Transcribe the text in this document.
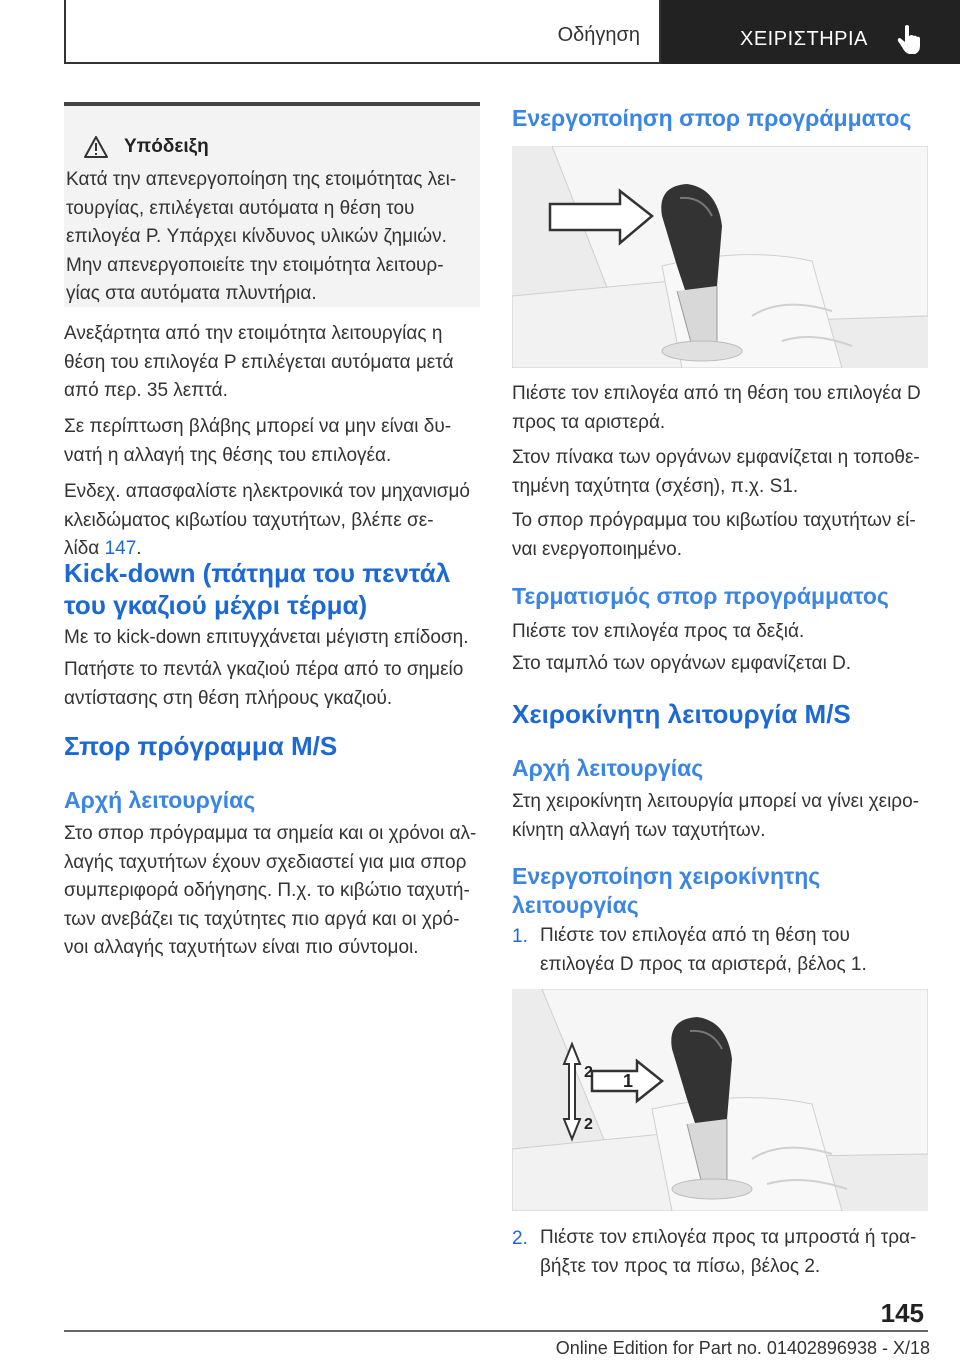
Οδήγηση	ΧΕΙΡΙΣΤΗΡΙΑ
Υπόδειξη
Κατά την απενεργοποίηση της ετοιμότητας λει-
τουργίας, επιλέγεται αυτόματα η θέση του
επιλογέα P. Υπάρχει κίνδυνος υλικών ζημιών.
Μην απενεργοποιείτε την ετοιμότητα λειτουρ-
γίας στα αυτόματα πλυντήρια.
Ανεξάρτητα από την ετοιμότητα λειτουργίας η
θέση του επιλογέα P επιλέγεται αυτόματα μετά
από περ. 35 λεπτά.
Σε περίπτωση βλάβης μπορεί να μην είναι δυ-
νατή η αλλαγή της θέσης του επιλογέα.
Ενδεχ. απασφαλίστε ηλεκτρονικά τον μηχανισμό
κλειδώματος κιβωτίου ταχυτήτων, βλέπε σε-
λίδα 147.
Kick-down (πάτημα του πεντάλ
του γκαζιού μέχρι τέρμα)
Με το kick-down επιτυγχάνεται μέγιστη επίδοση.
Πατήστε το πεντάλ γκαζιού πέρα από το σημείο
αντίστασης στη θέση πλήρους γκαζιού.
Σπορ πρόγραμμα M/S
Αρχή λειτουργίας
Στο σπορ πρόγραμμα τα σημεία και οι χρόνοι αλ-
λαγής ταχυτήτων έχουν σχεδιαστεί για μια σπορ
συμπεριφορά οδήγησης. Π.χ. το κιβώτιο ταχυτή-
των ανεβάζει τις ταχύτητες πιο αργά και οι χρό-
νοι αλλαγής ταχυτήτων είναι πιο σύντομοι.
Ενεργοποίηση σπορ προγράμματος
Πιέστε τον επιλογέα από τη θέση του επιλογέα D
προς τα αριστερά.
Στον πίνακα των οργάνων εμφανίζεται η τοποθε-
τημένη ταχύτητα (σχέση), π.χ. S1.
Το σπορ πρόγραμμα του κιβωτίου ταχυτήτων εί-
ναι ενεργοποιημένο.
Τερματισμός σπορ προγράμματος
Πιέστε τον επιλογέα προς τα δεξιά.
Στο ταμπλό των οργάνων εμφανίζεται D.
Χειροκίνητη λειτουργία M/S
Αρχή λειτουργίας
Στη χειροκίνητη λειτουργία μπορεί να γίνει χειρο-
κίνητη αλλαγή των ταχυτήτων.
Ενεργοποίηση χειροκίνητης
λειτουργίας
1. Πιέστε τον επιλογέα από τη θέση του
επιλογέα D προς τα αριστερά, βέλος 1.
1
2
2
2. Πιέστε τον επιλογέα προς τα μπροστά ή τρα-
βήξτε τον προς τα πίσω, βέλος 2.
145
Online Edition for Part no. 01402896938 - X/18
